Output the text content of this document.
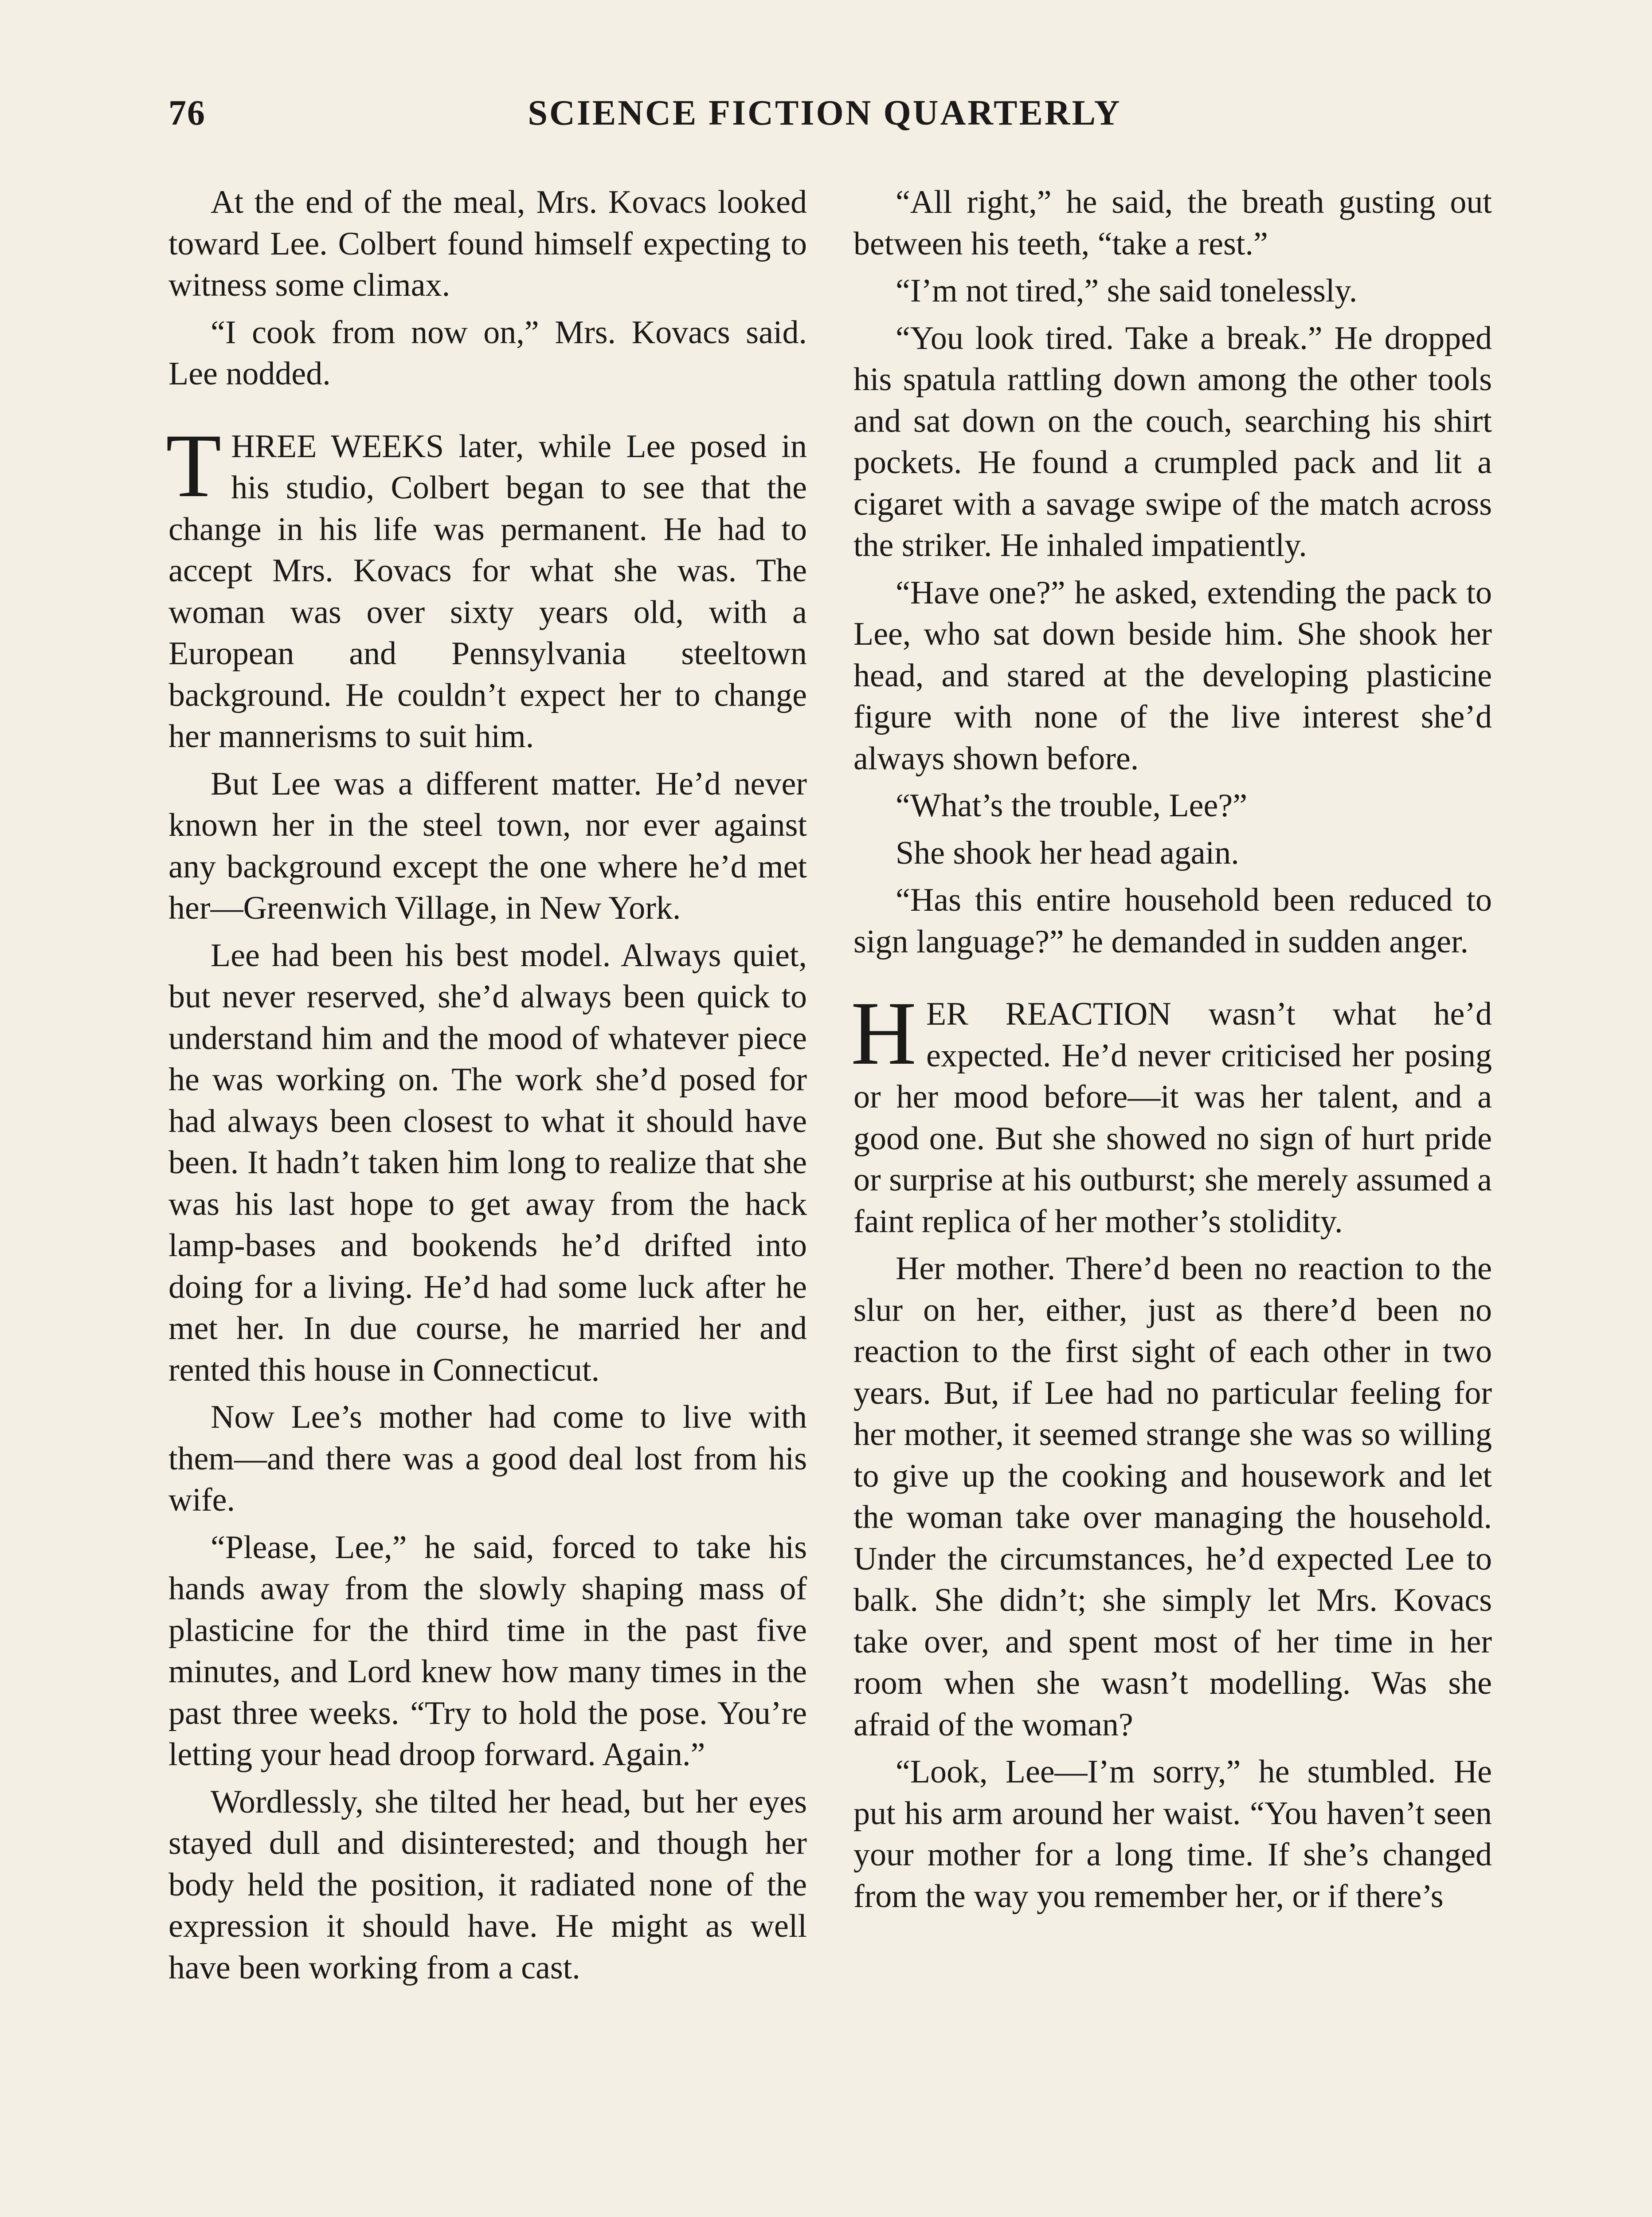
76	SCIENCE FICTION QUARTERLY

At the end of the meal, Mrs. Kovacs looked toward Lee. Colbert found himself expecting to witness some climax.

“I cook from now on,” Mrs. Kovacs said. Lee nodded.

THREE WEEKS later, while Lee posed in his studio, Colbert began to see that the change in his life was permanent. He had to accept Mrs. Kovacs for what she was. The woman was over sixty years old, with a European and Pennsylvania steeltown background. He couldn’t expect her to change her mannerisms to suit him.

But Lee was a different matter. He’d never known her in the steel town, nor ever against any background except the one where he’d met her—Greenwich Village, in New York.

Lee had been his best model. Always quiet, but never reserved, she’d always been quick to understand him and the mood of whatever piece he was working on. The work she’d posed for had always been closest to what it should have been. It hadn’t taken him long to realize that she was his last hope to get away from the hack lamp-bases and bookends he’d drifted into doing for a living. He’d had some luck after he met her. In due course, he married her and rented this house in Connecticut.

Now Lee’s mother had come to live with them—and there was a good deal lost from his wife.

“Please, Lee,” he said, forced to take his hands away from the slowly shaping mass of plasticine for the third time in the past five minutes, and Lord knew how many times in the past three weeks. “Try to hold the pose. You’re letting your head droop forward. Again.”

Wordlessly, she tilted her head, but her eyes stayed dull and disinterested; and though her body held the position, it radiated none of the expression it should have. He might as well have been working from a cast.

“All right,” he said, the breath gusting out between his teeth, “take a rest.”

“I’m not tired,” she said tonelessly.

“You look tired. Take a break.” He dropped his spatula rattling down among the other tools and sat down on the couch, searching his shirt pockets. He found a crumpled pack and lit a cigaret with a savage swipe of the match across the striker. He inhaled impatiently.

“Have one?” he asked, extending the pack to Lee, who sat down beside him. She shook her head, and stared at the developing plasticine figure with none of the live interest she’d always shown before.

“What’s the trouble, Lee?”

She shook her head again.

“Has this entire household been reduced to sign language?” he demanded in sudden anger.

HER REACTION wasn’t what he’d expected. He’d never criticised her posing or her mood before—it was her talent, and a good one. But she showed no sign of hurt pride or surprise at his outburst; she merely assumed a faint replica of her mother’s stolidity.

Her mother. There’d been no reaction to the slur on her, either, just as there’d been no reaction to the first sight of each other in two years. But, if Lee had no particular feeling for her mother, it seemed strange she was so willing to give up the cooking and housework and let the woman take over managing the household. Under the circumstances, he’d expected Lee to balk. She didn’t; she simply let Mrs. Kovacs take over, and spent most of her time in her room when she wasn’t modelling. Was she afraid of the woman?

“Look, Lee—I’m sorry,” he stumbled. He put his arm around her waist. “You haven’t seen your mother for a long time. If she’s changed from the way you remember her, or if there’s
